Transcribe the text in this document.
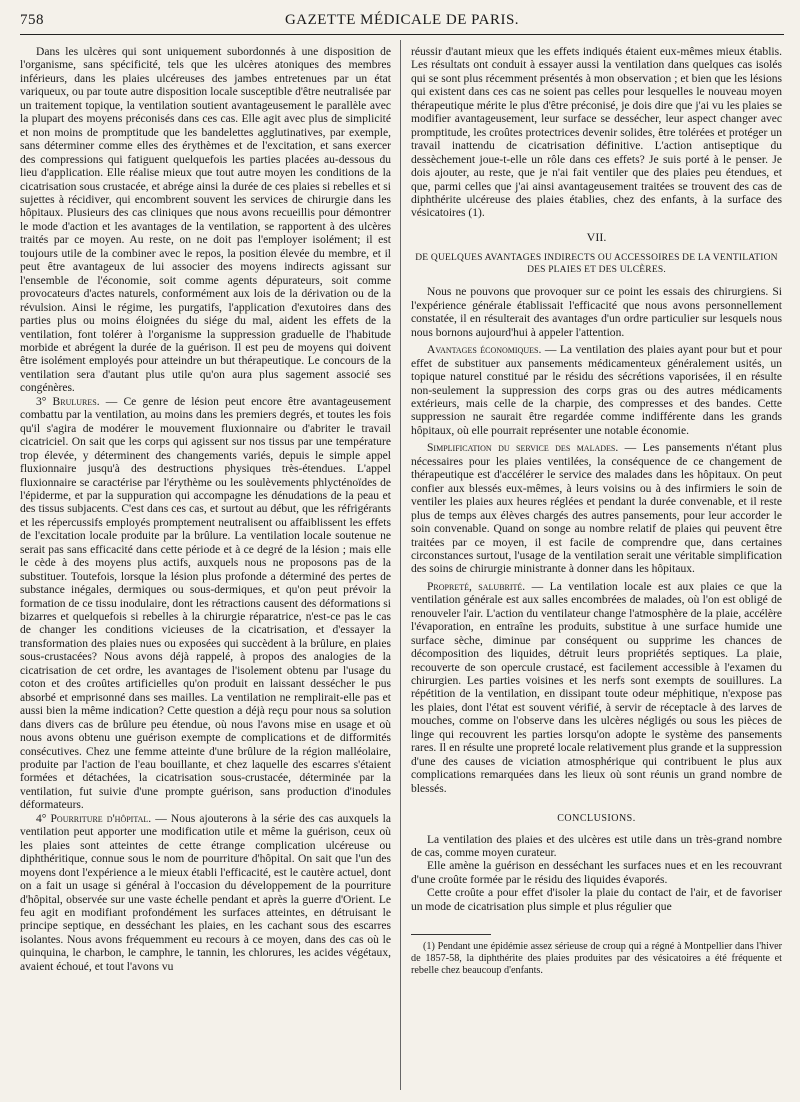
758	GAZETTE MÉDICALE DE PARIS.

Dans les ulcères qui sont uniquement subordonnés à une disposition de l'organisme, sans spécificité, tels que les ulcères atoniques des membres inférieurs, dans les plaies ulcéreuses des jambes entretenues par un état variqueux, ou par toute autre disposition locale susceptible d'être neutralisée par un traitement topique, la ventilation soutient avantageusement le parallèle avec la plupart des moyens préconisés dans ces cas. Elle agit avec plus de simplicité et non moins de promptitude que les bandelettes agglutinatives, par exemple, sans déterminer comme elles des érythèmes et de l'excitation, et sans exercer des compressions qui fatiguent quelquefois les parties placées au-dessous du lieu d'application. Elle réalise mieux que tout autre moyen les conditions de la cicatrisation sous crustacée, et abrége ainsi la durée de ces plaies si rebelles et si sujettes à récidiver, qui encombrent souvent les services de chirurgie dans les hôpitaux. Plusieurs des cas cliniques que nous avons recueillis pour démontrer le mode d'action et les avantages de la ventilation, se rapportent à des ulcères traités par ce moyen. Au reste, on ne doit pas l'employer isolément; il est toujours utile de la combiner avec le repos, la position élevée du membre, et il peut être avantageux de lui associer des moyens indirects agissant sur l'ensemble de l'économie, soit comme agents dépurateurs, soit comme provocateurs d'actes naturels, conformément aux lois de la dérivation ou de la révulsion. Ainsi le régime, les purgatifs, l'application d'exutoires dans des parties plus ou moins éloignées du siége du mal, aident les effets de la ventilation, font tolérer à l'organisme la suppression graduelle de l'habitude morbide et abrégent la durée de la guérison. Il est peu de moyens qui doivent être isolément employés pour atteindre un but thérapeutique. Le concours de la ventilation sera d'autant plus utile qu'on aura plus sagement associé ses congénères.

3° Brulures. — Ce genre de lésion peut encore être avantageusement combattu par la ventilation, au moins dans les premiers degrés, et toutes les fois qu'il s'agira de modérer le mouvement fluxionnaire ou d'abriter le travail cicatriciel. On sait que les corps qui agissent sur nos tissus par une température trop élevée, y déterminent des changements variés, depuis le simple appel fluxionnaire jusqu'à des destructions physiques très-étendues. L'appel fluxionnaire se caractérise par l'érythème ou les soulèvements phlycténoïdes de l'épiderme, et par la suppuration qui accompagne les dénudations de la peau et des tissus subjacents. C'est dans ces cas, et surtout au début, que les réfrigérants et les répercussifs employés promptement neutralisent ou affaiblissent les effets de l'excitation locale produite par la brûlure. La ventilation locale soutenue ne serait pas sans efficacité dans cette période et à ce degré de la lésion ; mais elle le cède à des moyens plus actifs, auxquels nous ne proposons pas de la substituer. Toutefois, lorsque la lésion plus profonde a déterminé des pertes de substance inégales, dermiques ou sous-dermiques, et qu'on peut prévoir la formation de ce tissu inodulaire, dont les rétractions causent des déformations si bizarres et quelquefois si rebelles à la chirurgie réparatrice, n'est-ce pas le cas de changer les conditions vicieuses de la cicatrisation, et d'essayer la transformation des plaies nues ou exposées qui succèdent à la brûlure, en plaies sous-crustacées? Nous avons déjà rappelé, à propos des analogies de la cicatrisation de cet ordre, les avantages de l'isolement obtenu par l'usage du coton et des croûtes artificielles qu'on produit en laissant dessécher le pus absorbé et emprisonné dans ses mailles. La ventilation ne remplirait-elle pas et aussi bien la même indication? Cette question a déjà reçu pour nous sa solution dans divers cas de brûlure peu étendue, où nous l'avons mise en usage et où nous avons obtenu une guérison exempte de complications et de difformités consécutives. Chez une femme atteinte d'une brûlure de la région malléolaire, produite par l'action de l'eau bouillante, et chez laquelle des escarres s'étaient formées et détachées, la cicatrisation sous-crustacée, déterminée par la ventilation, fut suivie d'une prompte guérison, sans production d'inodules déformateurs.

4° Pourriture d'hôpital. — Nous ajouterons à la série des cas auxquels la ventilation peut apporter une modification utile et même la guérison, ceux où les plaies sont atteintes de cette étrange complication ulcéreuse ou diphthéritique, connue sous le nom de pourriture d'hôpital. On sait que l'un des moyens dont l'expérience a le mieux établi l'efficacité, est le cautère actuel, dont on a fait un usage si général à l'occasion du développement de la pourriture d'hôpital, observée sur une vaste échelle pendant et après la guerre d'Orient. Le feu agit en modifiant profondément les surfaces atteintes, en détruisant le principe septique, en desséchant les plaies, en les cachant sous des escarres isolantes. Nous avons fréquemment eu recours à ce moyen, dans des cas où le quinquina, le charbon, le camphre, le tannin, les chlorures, les acides végétaux, avaient échoué, et tout l'avons vu

réussir d'autant mieux que les effets indiqués étaient eux-mêmes mieux établis. Les résultats ont conduit à essayer aussi la ventilation dans quelques cas isolés qui se sont plus récemment présentés à mon observation ; et bien que les lésions qui existent dans ces cas ne soient pas celles pour lesquelles le nouveau moyen thérapeutique mérite le plus d'être préconisé, je dois dire que j'ai vu les plaies se modifier avantageusement, leur surface se dessécher, leur aspect changer avec promptitude, les croûtes protectrices devenir solides, être tolérées et protéger un travail inattendu de cicatrisation définitive. L'action antiseptique du dessèchement joue-t-elle un rôle dans ces effets? Je suis porté à le penser. Je dois ajouter, au reste, que je n'ai fait ventiler que des plaies peu étendues, et que, parmi celles que j'ai ainsi avantageusement traitées se trouvent des cas de diphthérite ulcéreuse des plaies établies, chez des enfants, à la surface des vésicatoires (1).

VII.
DE QUELQUES AVANTAGES INDIRECTS OU ACCESSOIRES DE LA VENTILATION DES PLAIES ET DES ULCÈRES.

Nous ne pouvons que provoquer sur ce point les essais des chirurgiens. Si l'expérience générale établissait l'efficacité que nous avons personnellement constatée, il en résulterait des avantages d'un ordre particulier sur lesquels nous nous bornons aujourd'hui à appeler l'attention.

Avantages économiques. — La ventilation des plaies ayant pour but et pour effet de substituer aux pansements médicamenteux généralement usités, un topique naturel constitué par le résidu des sécrétions vaporisées, il en résulte non-seulement la suppression des corps gras ou des autres médicaments extérieurs, mais celle de la charpie, des compresses et des bandes. Cette suppression ne saurait être regardée comme indifférente dans les grands hôpitaux, où elle pourrait représenter une notable économie.

Simplification du service des malades. — Les pansements n'étant plus nécessaires pour les plaies ventilées, la conséquence de ce changement de thérapeutique est d'accélérer le service des malades dans les hôpitaux. On peut confier aux blessés eux-mêmes, à leurs voisins ou à des infirmiers le soin de ventiler les plaies aux heures réglées et pendant la durée convenable, et il reste plus de temps aux élèves chargés des autres pansements, pour leur accorder le soin convenable. Quand on songe au nombre relatif de plaies qui peuvent être traitées par ce moyen, il est facile de comprendre que, dans certaines circonstances surtout, l'usage de la ventilation serait une véritable simplification des soins de chirurgie ministrante à donner dans les hôpitaux.

Propreté, salubrité. — La ventilation locale est aux plaies ce que la ventilation générale est aux salles encombrées de malades, où l'on est obligé de renouveler l'air. L'action du ventilateur change l'atmosphère de la plaie, accélère l'évaporation, en entraîne les produits, substitue à une surface humide une surface sèche, diminue par conséquent ou supprime les chances de décomposition des liquides, détruit leurs propriétés septiques. La plaie, recouverte de son opercule crustacé, est facilement accessible à l'examen du chirurgien. Les parties voisines et les nerfs sont exempts de souillures. La répétition de la ventilation, en dissipant toute odeur méphitique, n'expose pas les plaies, dont l'état est souvent vérifié, à servir de réceptacle à des larves de mouches, comme on l'observe dans les ulcères négligés ou sous les pièces de linge qui recouvrent les parties lorsqu'on adopte le système des pansements rares. Il en résulte une propreté locale relativement plus grande et la suppression d'une des causes de viciation atmosphérique qui contribuent le plus aux complications remarquées dans les lieux où sont réunis un grand nombre de blessés.

CONCLUSIONS.

La ventilation des plaies et des ulcères est utile dans un très-grand nombre de cas, comme moyen curateur.

Elle amène la guérison en desséchant les surfaces nues et en les recouvrant d'une croûte formée par le résidu des liquides évaporés.

Cette croûte a pour effet d'isoler la plaie du contact de l'air, et de favoriser un mode de cicatrisation plus simple et plus régulier que

(1) Pendant une épidémie assez sérieuse de croup qui a régné à Montpellier dans l'hiver de 1857-58, la diphthérite des plaies produites par des vésicatoires a été fréquente et rebelle chez beaucoup d'enfants.
